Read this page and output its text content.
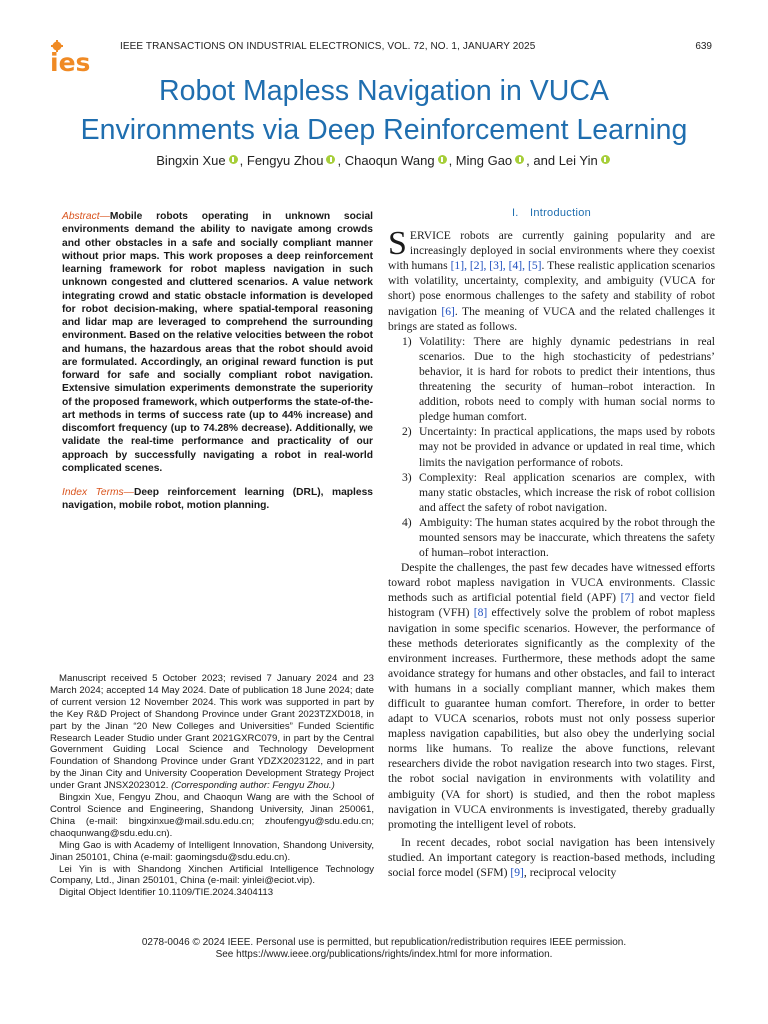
ies
IEEE TRANSACTIONS ON INDUSTRIAL ELECTRONICS, VOL. 72, NO. 1, JANUARY 2025	639
Robot Mapless Navigation in VUCA
Environments via Deep Reinforcement Learning
Bingxin Xue , Fengyu Zhou , Chaoqun Wang , Ming Gao , and Lei Yin

Abstract—Mobile robots operating in unknown social environments demand the ability to navigate among crowds and other obstacles in a safe and socially compliant manner without prior maps. This work proposes a deep reinforcement learning framework for robot mapless navigation in such unknown congested and cluttered scenarios. A value network integrating crowd and static obstacle information is developed for robot decision-making, where spatial-temporal reasoning and lidar map are leveraged to comprehend the surrounding environment. Based on the relative velocities between the robot and humans, the hazardous areas that the robot should avoid are formulated. Accordingly, an original reward function is put forward for safe and socially compliant robot navigation. Extensive simulation experiments demonstrate the superiority of the proposed framework, which outperforms the state-of-the-art methods in terms of success rate (up to 44% increase) and discomfort frequency (up to 74.28% decrease). Additionally, we validate the real-time performance and practicality of our approach by successfully navigating a robot in real-world complicated scenes.

Index Terms—Deep reinforcement learning (DRL), mapless navigation, mobile robot, motion planning.

Manuscript received 5 October 2023; revised 7 January 2024 and 23 March 2024; accepted 14 May 2024. Date of publication 18 June 2024; date of current version 12 November 2024. This work was supported in part by the Key R&D Project of Shandong Province under Grant 2023TZXD018, in part by the Jinan “20 New Colleges and Universities” Funded Scientific Research Leader Studio under Grant 2021GXRC079, in part by the Central Government Guiding Local Science and Technology Development Foundation of Shandong Province under Grant YDZX2023122, and in part by the Jinan City and University Cooperation Development Strategy Project under Grant JNSX2023012. (Corresponding author: Fengyu Zhou.)

Bingxin Xue, Fengyu Zhou, and Chaoqun Wang are with the School of Control Science and Engineering, Shandong University, Jinan 250061, China (e-mail: bingxinxue@mail.sdu.edu.cn; zhoufengyu@sdu.edu.cn; chaoqunwang@sdu.edu.cn).

Ming Gao is with Academy of Intelligent Innovation, Shandong University, Jinan 250101, China (e-mail: gaomingsdu@sdu.edu.cn).

Lei Yin is with Shandong Xinchen Artificial Intelligence Technology Company, Ltd., Jinan 250101, China (e-mail: yinlei@eciot.vip).

Digital Object Identifier 10.1109/TIE.2024.3404113

I. Introduction

SERVICE robots are currently gaining popularity and are increasingly deployed in social environments where they coexist with humans [1], [2], [3], [4], [5]. These realistic application scenarios with volatility, uncertainty, complexity, and ambiguity (VUCA for short) pose enormous challenges to the safety and stability of robot navigation [6]. The meaning of VUCA and the related challenges it brings are stated as follows.

1) Volatility: There are highly dynamic pedestrians in real scenarios. Due to the high stochasticity of pedestrians’ behavior, it is hard for robots to predict their intentions, thus threatening the security of human–robot interaction. In addition, robots need to comply with human social norms to pledge human comfort.
2) Uncertainty: In practical applications, the maps used by robots may not be provided in advance or updated in real time, which limits the navigation performance of robots.
3) Complexity: Real application scenarios are complex, with many static obstacles, which increase the risk of robot collision and affect the safety of robot navigation.
4) Ambiguity: The human states acquired by the robot through the mounted sensors may be inaccurate, which threatens the safety of human–robot interaction.

Despite the challenges, the past few decades have witnessed efforts toward robot mapless navigation in VUCA environments. Classic methods such as artificial potential field (APF) [7] and vector field histogram (VFH) [8] effectively solve the problem of robot mapless navigation in some specific scenarios. However, the performance of these methods deteriorates significantly as the complexity of the environment increases. Furthermore, these methods adopt the same avoidance strategy for humans and other obstacles, and fail to interact with humans in a socially compliant manner, which makes them difficult to guarantee human comfort. Therefore, in order to better adapt to VUCA scenarios, robots must not only possess superior mapless navigation capabilities, but also obey the underlying social norms like humans. To realize the above functions, relevant researchers divide the robot navigation research into two stages. First, the robot social navigation in environments with volatility and ambiguity (VA for short) is studied, and then the robot mapless navigation in VUCA environments is investigated, thereby gradually promoting the intelligent level of robots.

In recent decades, robot social navigation has been intensively studied. An important category is reaction-based methods, including social force model (SFM) [9], reciprocal velocity

0278-0046 © 2024 IEEE. Personal use is permitted, but republication/redistribution requires IEEE permission.
See https://www.ieee.org/publications/rights/index.html for more information.
